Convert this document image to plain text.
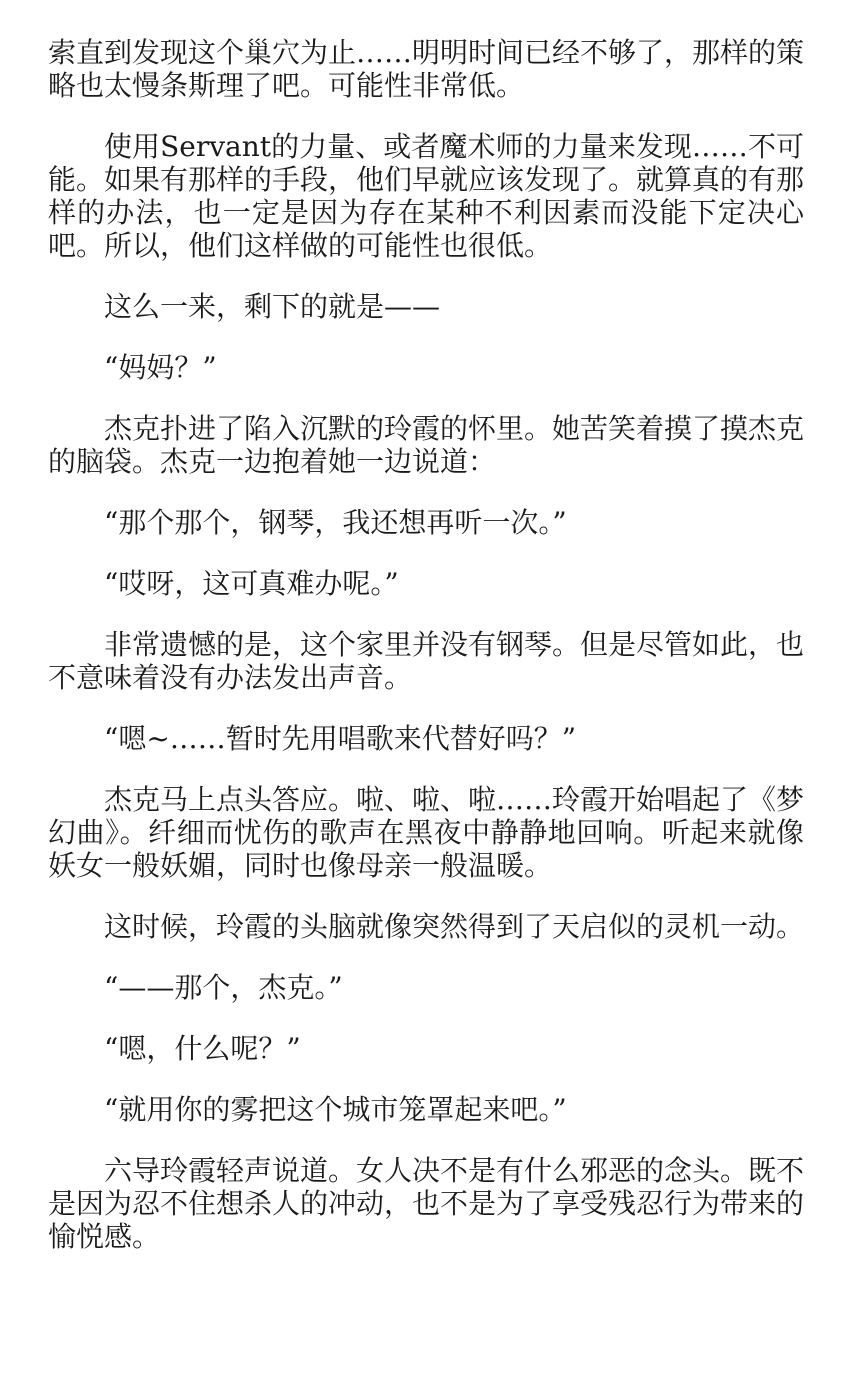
索直到发现这个巢穴为止……明明时间已经不够了，那样的策略也太慢条斯理了吧。可能性非常低。

使用Servant的力量、或者魔术师的力量来发现……不可能。如果有那样的手段，他们早就应该发现了。就算真的有那样的办法，也一定是因为存在某种不利因素而没能下定决心吧。所以，他们这样做的可能性也很低。

这么一来，剩下的就是——

“妈妈？”

杰克扑进了陷入沉默的玲霞的怀里。她苦笑着摸了摸杰克的脑袋。杰克一边抱着她一边说道：

“那个那个，钢琴，我还想再听一次。”

“哎呀，这可真难办呢。”

非常遗憾的是，这个家里并没有钢琴。但是尽管如此，也不意味着没有办法发出声音。

“嗯~……暂时先用唱歌来代替好吗？”

杰克马上点头答应。啦、啦、啦……玲霞开始唱起了《梦幻曲》。纤细而忧伤的歌声在黑夜中静静地回响。听起来就像妖女一般妖媚，同时也像母亲一般温暖。

这时候，玲霞的头脑就像突然得到了天启似的灵机一动。

“——那个，杰克。”

“嗯，什么呢？”

“就用你的雾把这个城市笼罩起来吧。”

六导玲霞轻声说道。女人决不是有什么邪恶的念头。既不是因为忍不住想杀人的冲动，也不是为了享受残忍行为带来的愉悦感。
